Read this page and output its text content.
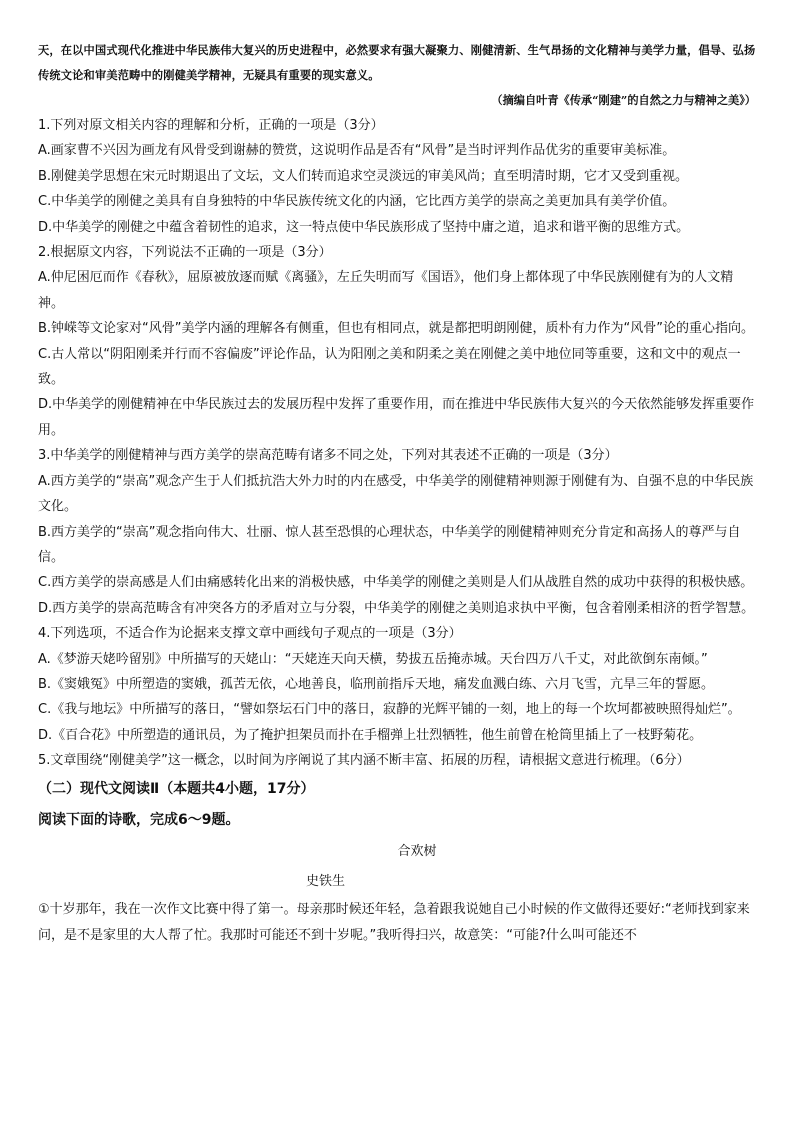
天，在以中国式现代化推进中华民族伟大复兴的历史进程中，必然要求有强大凝聚力、刚健清新、生气昂扬的文化精神与美学力量，倡导、弘扬传统文论和审美范畴中的刚健美学精神，无疑具有重要的现实意义。
（摘编自叶青《传承“刚建”的自然之力与精神之美》）
1.下列对原文相关内容的理解和分析，正确的一项是（3分）
A.画家曹不兴因为画龙有风骨受到谢赫的赞赏，这说明作品是否有“风骨”是当时评判作品优劣的重要审美标准。
B.刚健美学思想在宋元时期退出了文坛，文人们转而追求空灵淡远的审美风尚；直至明清时期，它才又受到重视。
C.中华美学的刚健之美具有自身独特的中华民族传统文化的内涵，它比西方美学的崇高之美更加具有美学价值。
D.中华美学的刚健之中蕴含着韧性的追求，这一特点使中华民族形成了坚持中庸之道，追求和谐平衡的思维方式。
2.根据原文内容，下列说法不正确的一项是（3分）
A.仲尼困厄而作《春秋》，屈原被放逐而赋《离骚》，左丘失明而写《国语》，他们身上都体现了中华民族刚健有为的人文精神。
B.钟嵘等文论家对“风骨”美学内涵的理解各有侧重，但也有相同点，就是都把明朗刚健，质朴有力作为“风骨”论的重心指向。
C.古人常以“阴阳刚柔并行而不容偏废”评论作品，认为阳刚之美和阴柔之美在刚健之美中地位同等重要，这和文中的观点一致。
D.中华美学的刚健精神在中华民族过去的发展历程中发挥了重要作用，而在推进中华民族伟大复兴的今天依然能够发挥重要作用。
3.中华美学的刚健精神与西方美学的崇高范畴有诸多不同之处，下列对其表述不正确的一项是（3分）
A.西方美学的“崇高”观念产生于人们抵抗浩大外力时的内在感受，中华美学的刚健精神则源于刚健有为、自强不息的中华民族文化。
B.西方美学的“崇高”观念指向伟大、壮丽、惊人甚至恐惧的心理状态，中华美学的刚健精神则充分肯定和高扬人的尊严与自信。
C.西方美学的崇高感是人们由痛感转化出来的消极快感，中华美学的刚健之美则是人们从战胜自然的成功中获得的积极快感。
D.西方美学的崇高范畴含有冲突各方的矛盾对立与分裂，中华美学的刚健之美则追求执中平衡，包含着刚柔相济的哲学智慧。
4.下列选项，不适合作为论据来支撑文章中画线句子观点的一项是（3分）
A.《梦游天姥吟留别》中所描写的天姥山：“天姥连天向天横，势拔五岳掩赤城。天台四万八千丈，对此欲倒东南倾。”
B.《窦娥冤》中所塑造的窦娥，孤苦无依，心地善良，临刑前指斥天地，痛发血溅白练、六月飞雪，亢旱三年的誓愿。
C.《我与地坛》中所描写的落日，“譬如祭坛石门中的落日，寂静的光辉平铺的一刻，地上的每一个坎坷都被映照得灿烂”。
D.《百合花》中所塑造的通讯员，为了掩护担架员而扑在手榴弹上壮烈牺牲，他生前曾在枪筒里插上了一枝野菊花。
5.文章围绕“刚健美学”这一概念，以时间为序阐说了其内涵不断丰富、拓展的历程，请根据文意进行梳理。（6分）
（二）现代文阅读Ⅱ（本题共4小题，17分）
阅读下面的诗歌，完成6～9题。
合欢树
史铁生
①十岁那年，我在一次作文比赛中得了第一。母亲那时候还年轻，急着跟我说她自己小时候的作文做得还要好:“老师找到家来问，是不是家里的大人帮了忙。我那时可能还不到十岁呢。”我听得扫兴，故意笑：“可能?什么叫可能还不
